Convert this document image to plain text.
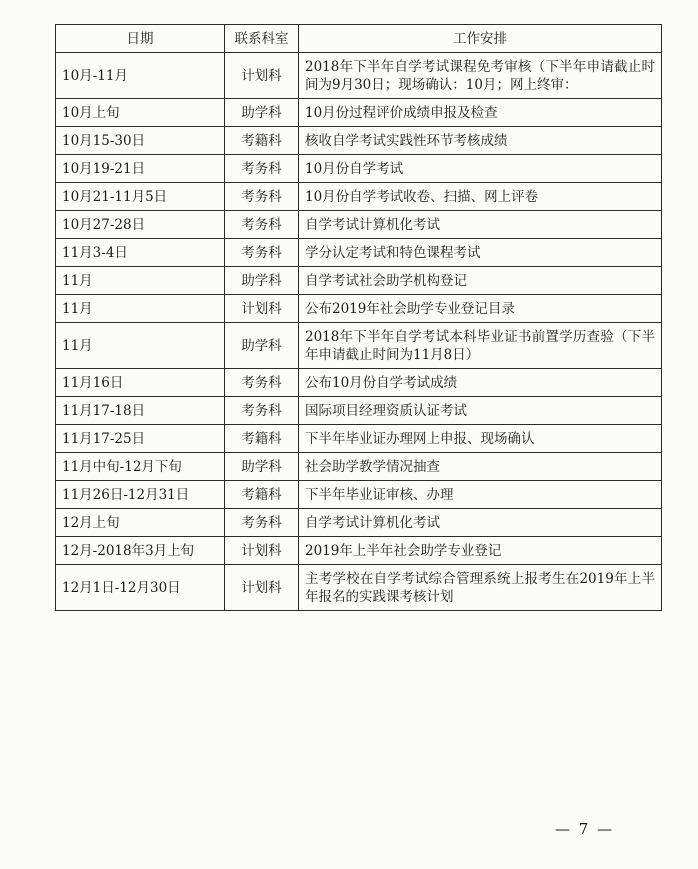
日期	联系科室	工作安排
10月-11月	计划科	2018年下半年自学考试课程免考审核（下半年申请截止时间为9月30日；现场确认：10月；网上终审：
10月上旬	助学科	10月份过程评价成绩申报及检查
10月15-30日	考籍科	核收自学考试实践性环节考核成绩
10月19-21日	考务科	10月份自学考试
10月21-11月5日	考务科	10月份自学考试收卷、扫描、网上评卷
10月27-28日	考务科	自学考试计算机化考试
11月3-4日	考务科	学分认定考试和特色课程考试
11月	助学科	自学考试社会助学机构登记
11月	计划科	公布2019年社会助学专业登记目录
11月	助学科	2018年下半年自学考试本科毕业证书前置学历查验（下半年申请截止时间为11月8日）
11月16日	考务科	公布10月份自学考试成绩
11月17-18日	考务科	国际项目经理资质认证考试
11月17-25日	考籍科	下半年毕业证办理网上申报、现场确认
11月中旬-12月下旬	助学科	社会助学教学情况抽查
11月26日-12月31日	考籍科	下半年毕业证审核、办理
12月上旬	考务科	自学考试计算机化考试
12月-2018年3月上旬	计划科	2019年上半年社会助学专业登记
12月1日-12月30日	计划科	主考学校在自学考试综合管理系统上报考生在2019年上半年报名的实践课考核计划
— 7 —
